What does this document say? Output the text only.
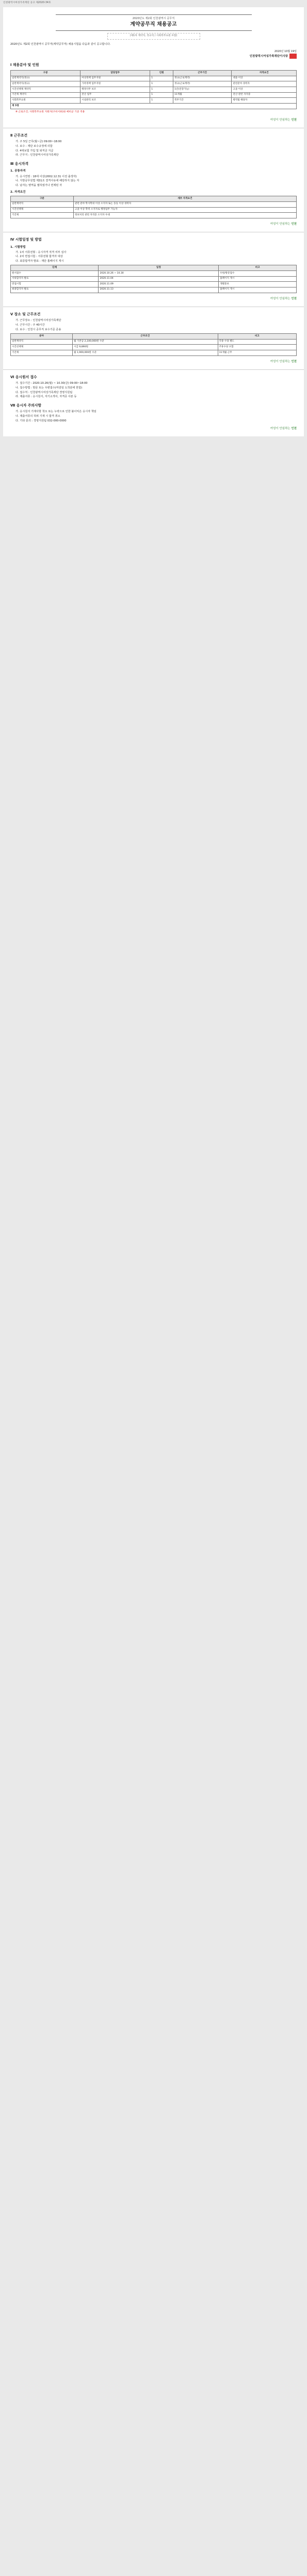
인천광역시여성가족재단 공고 제2020-34호
2020년도 제2회 인천광역시 공무직
계약공무직 채용공고
(제1차 계약직, 정규직 / 사회복무요원 포함)

2020년도 제2회 인천광역시 공무직(계약공무직) 채용시험을 다음과 같이 공고합니다.

2020년 10월 19일
인천광역시여성가족재단이사장
Ⅰ 채용분야 및 인원
구분	담당업무	인원	근무기간	자격요건
일반계약직(정규)	여성정책 업무지원	1	정규(근로계약)	대졸 이상
일반계약직(정규)	가족정책 업무지원	1	정규(근로계약)	관련분야 경력자
시간선택제 계약직	행정사무 보조	1	1년(연장가능)	고졸 이상
기간제 계약직	전산 업무	1	11개월	전산 관련 자격증
사회복무요원	시설관리 보조	1	복무기간	병역법 해당자
계 5명				
※ 근로조건, 사회복무요원 지원자(구비서류)와 예비군 기준 적용
여성이 안심하는 인천
Ⅱ 근무조건
가. 주 5일 근무(월~금) 09:00~18:00
나. 보수 : 재단 보수규정에 의함
다. 4대보험 가입 및 퇴직금 지급
라. 근무지 : 인천광역시여성가족재단
Ⅲ 응시자격
1. 공통자격
가. 응시연령 : 18세 이상(2002.12.31 이전 출생자)
나. 지방공무원법 제31조 결격사유에 해당하지 않는 자
다. 남자는 병역을 필하였거나 면제된 자
2. 자격요건
구분	세부 자격요건
일반계약직	관련 분야 학사학위 이상 소지자 또는 동등 이상 경력자
시간선택제	고졸 이상 학력 소지자로 행정업무 가능자
기간제	정보처리 관련 자격증 소지자 우대
여성이 안심하는 인천
Ⅳ 시험일정 및 방법
1. 시험방법
가. 1차 서류전형 : 응시자격 적격 여부 심사
나. 2차 면접시험 : 서류전형 합격자 대상
다. 최종합격자 발표 : 재단 홈페이지 게시
단계	일정	비고
원서접수	2020.10.26 ~ 10.30	우편/방문접수
서류합격자 발표	2020.11.04	홈페이지 게시
면접시험	2020.11.09	개별통보
최종합격자 발표	2020.11.13	홈페이지 게시
여성이 안심하는 인천
Ⅴ 장소 및 근무조건
가. 근무장소 : 인천광역시여성가족재단
나. 근무시간 : 주 40시간
다. 보수 : 인천시 공무직 보수기준 준용
분야	근무조건	비고
일반계약직	월 기본급 2,100,000원 수준	각종 수당 별도
시간선택제	시급 9,890원	주휴수당 포함
기간제	월 1,900,000원 수준	11개월 근무
여성이 안심하는 인천
Ⅵ 응시원서 접수
가. 접수기간 : 2020.10.26(월) ~ 10.30(금) 09:00~18:00
나. 접수방법 : 방문 또는 우편접수(마감일 도착분에 한함)
다. 접수처 : 인천광역시여성가족재단 경영지원팀
라. 제출서류 : 응시원서, 자기소개서, 자격증 사본 등
Ⅶ 응시자 주의사항
가. 응시원서 기재사항 착오 또는 누락으로 인한 불이익은 응시자 책임
나. 제출서류의 허위 기재 시 합격 취소
다. 기타 문의 : 경영지원팀 032-000-0000
여성이 안심하는 인천
